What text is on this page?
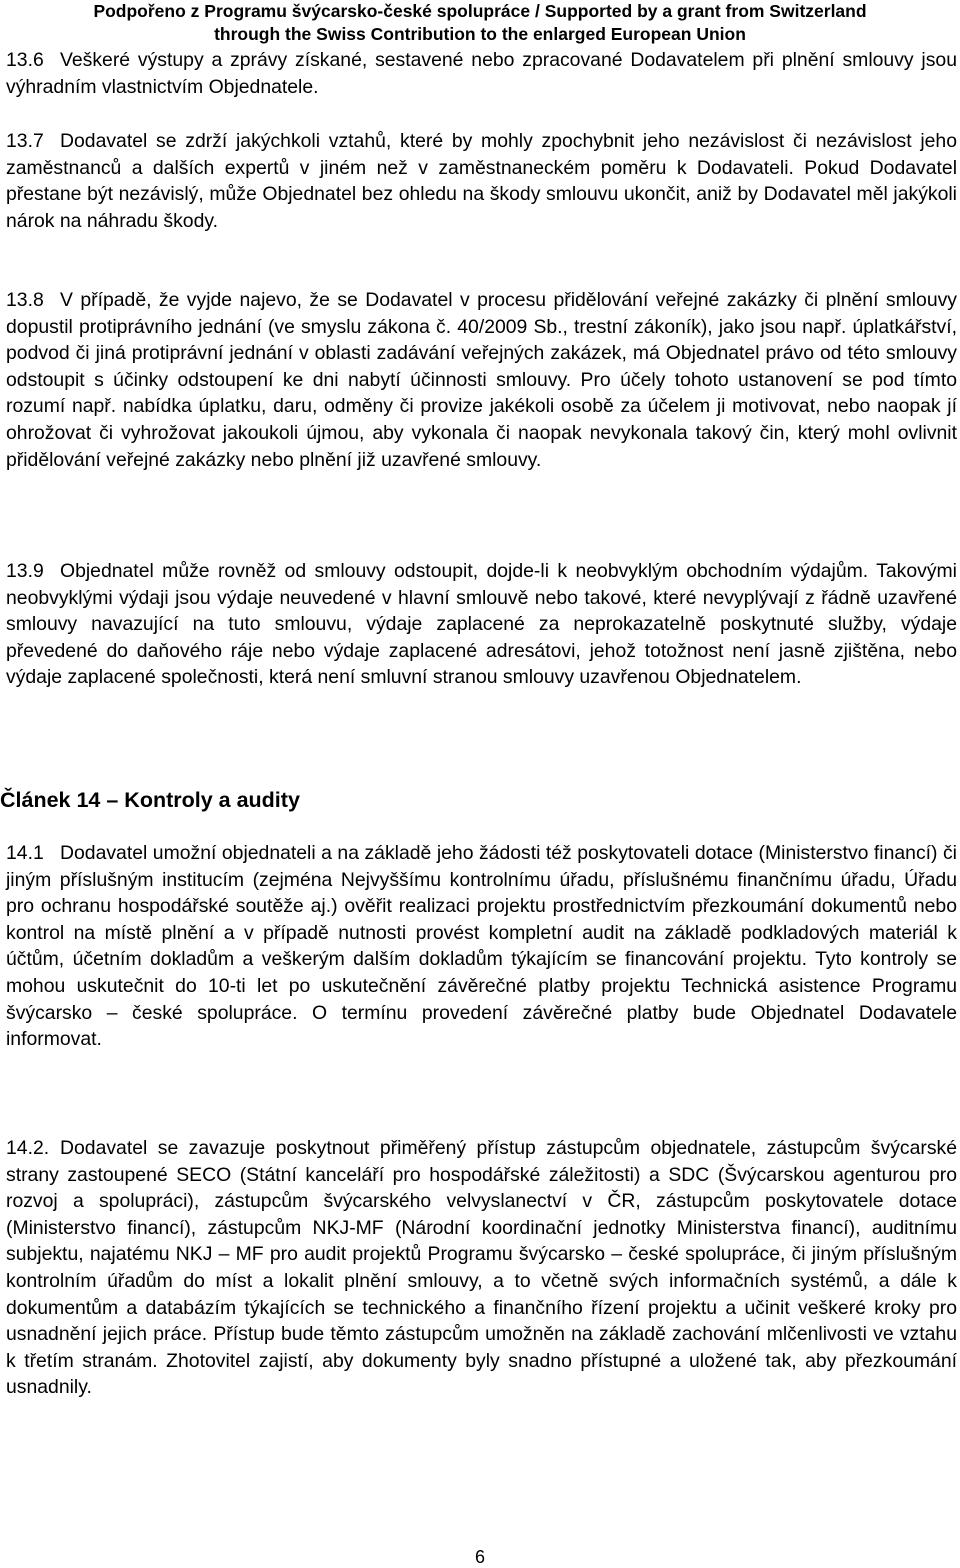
Podpořeno z Programu švýcarsko-české spolupráce / Supported by a grant from Switzerland
through the Swiss Contribution to the enlarged European Union
13.6 Veškeré výstupy a zprávy získané, sestavené nebo zpracované Dodavatelem při plnění smlouvy jsou výhradním vlastnictvím Objednatele.
13.7 Dodavatel se zdrží jakýchkoli vztahů, které by mohly zpochybnit jeho nezávislost či nezávislost jeho zaměstnanců a dalších expertů v jiném než v zaměstnaneckém poměru k Dodavateli. Pokud Dodavatel přestane být nezávislý, může Objednatel bez ohledu na škody smlouvu ukončit, aniž by Dodavatel měl jakýkoli nárok na náhradu škody.
13.8 V případě, že vyjde najevo, že se Dodavatel v procesu přidělování veřejné zakázky či plnění smlouvy dopustil protiprávního jednání (ve smyslu zákona č. 40/2009 Sb., trestní zákoník), jako jsou např. úplatkářství, podvod či jiná protiprávní jednání v oblasti zadávání veřejných zakázek, má Objednatel právo od této smlouvy odstoupit s účinky odstoupení ke dni nabytí účinnosti smlouvy. Pro účely tohoto ustanovení se pod tímto rozumí např. nabídka úplatku, daru, odměny či provize jakékoli osobě za účelem ji motivovat, nebo naopak jí ohrožovat či vyhrožovat jakoukoli újmou, aby vykonala či naopak nevykonala takový čin, který mohl ovlivnit přidělování veřejné zakázky nebo plnění již uzavřené smlouvy.
13.9 Objednatel může rovněž od smlouvy odstoupit, dojde-li k neobvyklým obchodním výdajům. Takovými neobvyklými výdaji jsou výdaje neuvedené v hlavní smlouvě nebo takové, které nevyplývají z řádně uzavřené smlouvy navazující na tuto smlouvu, výdaje zaplacené za neprokazatelně poskytnuté služby, výdaje převedené do daňového ráje nebo výdaje zaplacené adresátovi, jehož totožnost není jasně zjištěna, nebo výdaje zaplacené společnosti, která není smluvní stranou smlouvy uzavřenou Objednatelem.
Článek 14 – Kontroly a audity
14.1 Dodavatel umožní objednateli a na základě jeho žádosti též poskytovateli dotace (Ministerstvo financí) či jiným příslušným institucím (zejména Nejvyššímu kontrolnímu úřadu, příslušnému finančnímu úřadu, Úřadu pro ochranu hospodářské soutěže aj.) ověřit realizaci projektu prostřednictvím přezkoumání dokumentů nebo kontrol na místě plnění a v případě nutnosti provést kompletní audit na základě podkladových materiál k účtům, účetním dokladům a veškerým dalším dokladům týkajícím se financování projektu. Tyto kontroly se mohou uskutečnit do 10-ti let po uskutečnění závěrečné platby projektu Technická asistence Programu švýcarsko – české spolupráce. O termínu provedení závěrečné platby bude Objednatel Dodavatele informovat.
14.2. Dodavatel se zavazuje poskytnout přiměřený přístup zástupcům objednatele, zástupcům švýcarské strany zastoupené SECO (Státní kanceláří pro hospodářské záležitosti) a SDC (Švýcarskou agenturou pro rozvoj a spolupráci), zástupcům švýcarského velvyslanectví v ČR, zástupcům poskytovatele dotace (Ministerstvo financí), zástupcům NKJ-MF (Národní koordinační jednotky Ministerstva financí), auditnímu subjektu, najatému NKJ – MF pro audit projektů Programu švýcarsko – české spolupráce, či jiným příslušným kontrolním úřadům do míst a lokalit plnění smlouvy, a to včetně svých informačních systémů, a dále k dokumentům a databázím týkajících se technického a finančního řízení projektu a učinit veškeré kroky pro usnadnění jejich práce. Přístup bude těmto zástupcům umožněn na základě zachování mlčenlivosti ve vztahu k třetím stranám. Zhotovitel zajistí, aby dokumenty byly snadno přístupné a uložené tak, aby přezkoumání usnadnily.
6
